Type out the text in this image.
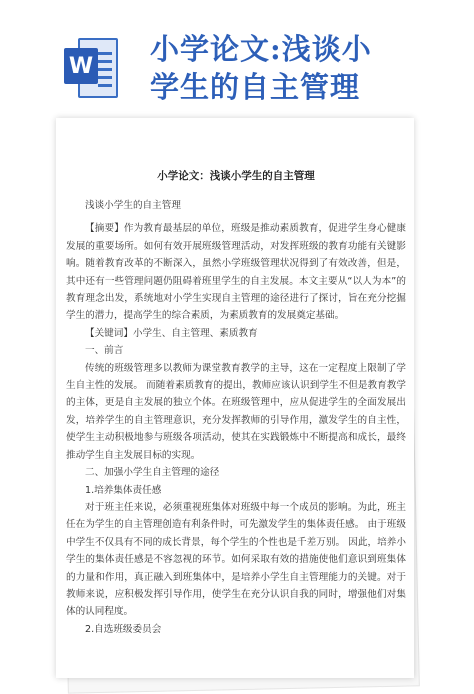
W 小学论文:浅谈小
学生的自主管理
小学论文：浅谈小学生的自主管理

浅谈小学生的自主管理

【摘要】作为教育最基层的单位，班级是推动素质教育，促进学生身心健康发展的重要场所。如何有效开展班级管理活动，对发挥班级的教育功能有关键影响。随着教育改革的不断深入，虽然小学班级管理状况得到了有效改善，但是，其中还有一些管理问题仍阻碍着班里学生的自主发展。本文主要从“以人为本”的教育理念出发，系统地对小学生实现自主管理的途径进行了探讨，旨在充分挖掘学生的潜力，提高学生的综合素质，为素质教育的发展奠定基础。

【关键词】小学生、自主管理、素质教育

一、前言

传统的班级管理多以教师为课堂教育教学的主导，这在一定程度上限制了学生自主性的发展。 而随着素质教育的提出，教师应该认识到学生不但是教育教学的主体，更是自主发展的独立个体。在班级管理中，应从促进学生的全面发展出发，培养学生的自主管理意识，充分发挥教师的引导作用，激发学生的自主性，使学生主动积极地参与班级各项活动，使其在实践锻炼中不断提高和成长，最终推动学生自主发展目标的实现。

二、加强小学生自主管理的途径

1.培养集体责任感

对于班主任来说，必须重视班集体对班级中每一个成员的影响。为此，班主任在为学生的自主管理创造有利条件时，可先激发学生的集体责任感。 由于班级中学生不仅具有不同的成长背景，每个学生的个性也是千差万别。 因此，培养小学生的集体责任感是不容忽视的环节。如何采取有效的措施使他们意识到班集体的力量和作用，真正融入到班集体中，是培养小学生自主管理能力的关键。对于教师来说，应积极发挥引导作用，使学生在充分认识自我的同时，增强他们对集体的认同程度。

2.自选班级委员会
